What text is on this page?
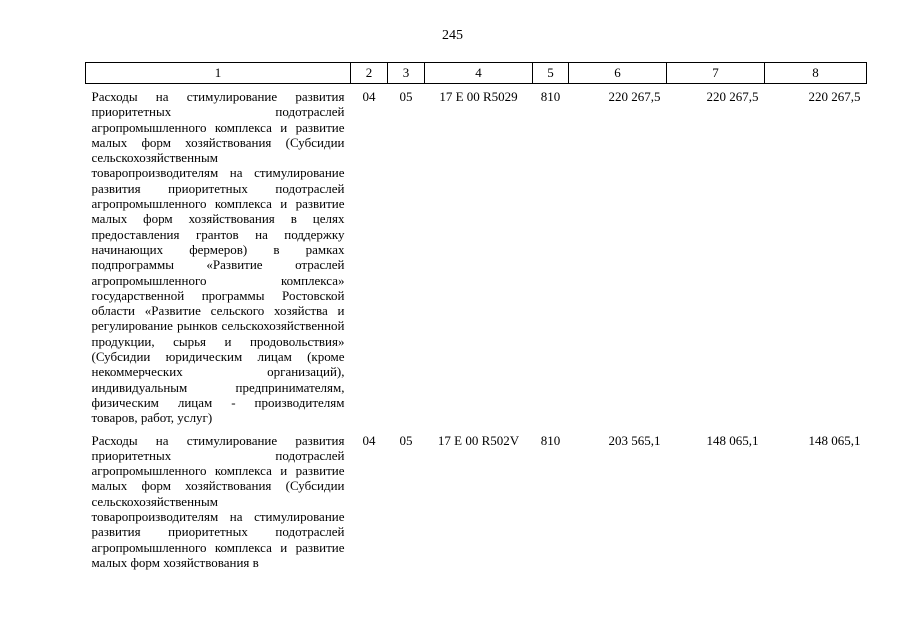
245
1	2	3	4	5	6	7	8
Расходы на стимулирование развития приоритетных подотраслей агропромышленного комплекса и развитие малых форм хозяйствования (Субсидии сельскохозяйственным товаропроизводителям на стимулирование развития приоритетных подотраслей агропромышленного комплекса и развитие малых форм хозяйствования в целях предоставления грантов на поддержку начинающих фермеров) в рамках подпрограммы «Развитие отраслей агропромышленного комплекса» государственной программы Ростовской области «Развитие сельского хозяйства и регулирование рынков сельскохозяйственной продукции, сырья и продовольствия» (Субсидии юридическим лицам (кроме некоммерческих организаций), индивидуальным предпринимателям, физическим лицам - производителям товаров, работ, услуг)	04	05	17 Е 00 R5029	810	220 267,5	220 267,5	220 267,5
Расходы на стимулирование развития приоритетных подотраслей агропромышленного комплекса и развитие малых форм хозяйствования (Субсидии сельскохозяйственным товаропроизводителям на стимулирование развития приоритетных подотраслей агропромышленного комплекса и развитие малых форм хозяйствования в	04	05	17 Е 00 R502V	810	203 565,1	148 065,1	148 065,1
